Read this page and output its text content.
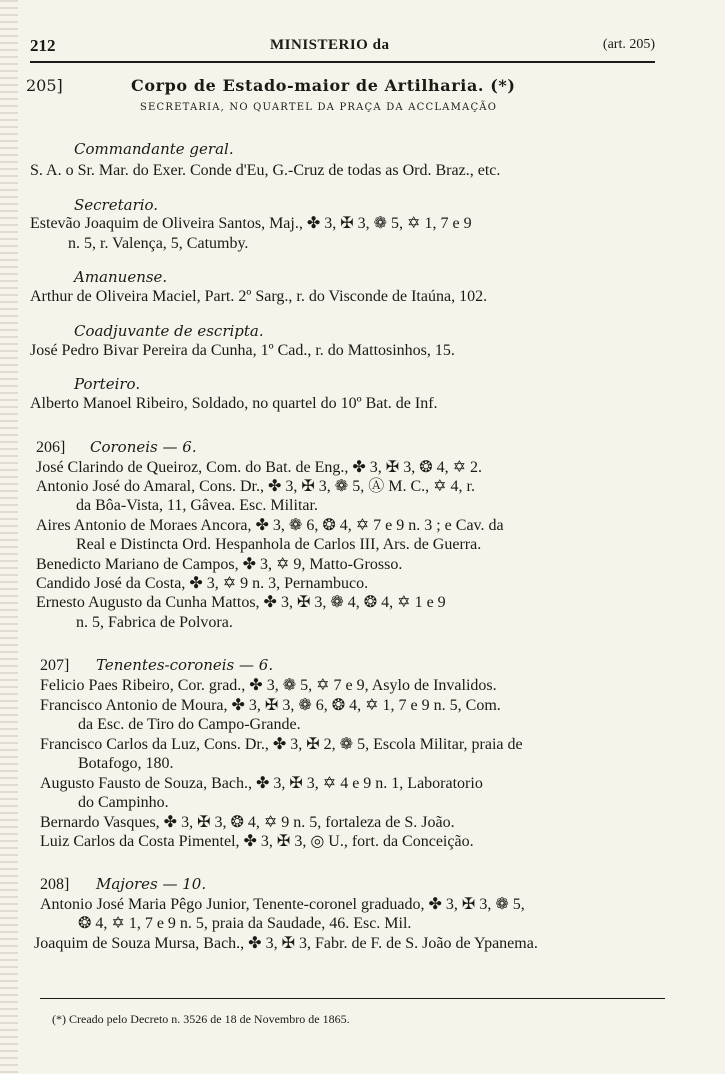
212	MINISTERIO da	(art. 205)
205]	Corpo de Estado-maior de Artilharia. (*)
SECRETARIA, NO QUARTEL DA PRAÇA DA ACCLAMAÇÃO
Commandante geral.
S. A. o Sr. Mar. do Exer. Conde d'Eu, G.-Cruz de todas as Ord. Braz., etc.
Secretario.
Estevão Joaquim de Oliveira Santos, Maj., ✤ 3, ✠ 3, ❁ 5, ✡ 1, 7 e 9
n. 5, r. Valença, 5, Catumby.
Amanuense.
Arthur de Oliveira Maciel, Part. 2º Sarg., r. do Visconde de Itaúna, 102.
Coadjuvante de escripta.
José Pedro Bivar Pereira da Cunha, 1º Cad., r. do Mattosinhos, 15.
Porteiro.
Alberto Manoel Ribeiro, Soldado, no quartel do 10º Bat. de Inf.
206] Coroneis — 6.
José Clarindo de Queiroz, Com. do Bat. de Eng., ✤ 3, ✠ 3, ❂ 4, ✡ 2.
Antonio José do Amaral, Cons. Dr., ✤ 3, ✠ 3, ❁ 5, Ⓐ M. C., ✡ 4, r.
da Bôa-Vista, 11, Gâvea. Esc. Militar.
Aires Antonio de Moraes Ancora, ✤ 3, ❁ 6, ❂ 4, ✡ 7 e 9 n. 3 ; e Cav. da
Real e Distincta Ord. Hespanhola de Carlos III, Ars. de Guerra.
Benedicto Mariano de Campos, ✤ 3, ✡ 9, Matto-Grosso.
Candido José da Costa, ✤ 3, ✡ 9 n. 3, Pernambuco.
Ernesto Augusto da Cunha Mattos, ✤ 3, ✠ 3, ❁ 4, ❂ 4, ✡ 1 e 9
n. 5, Fabrica de Polvora.
207] Tenentes-coroneis — 6.
Felicio Paes Ribeiro, Cor. grad., ✤ 3, ❁ 5, ✡ 7 e 9, Asylo de Invalidos.
Francisco Antonio de Moura, ✤ 3, ✠ 3, ❁ 6, ❂ 4, ✡ 1, 7 e 9 n. 5, Com.
da Esc. de Tiro do Campo-Grande.
Francisco Carlos da Luz, Cons. Dr., ✤ 3, ✠ 2, ❁ 5, Escola Militar, praia de
Botafogo, 180.
Augusto Fausto de Souza, Bach., ✤ 3, ✠ 3, ✡ 4 e 9 n. 1, Laboratorio
do Campinho.
Bernardo Vasques, ✤ 3, ✠ 3, ❂ 4, ✡ 9 n. 5, fortaleza de S. João.
Luiz Carlos da Costa Pimentel, ✤ 3, ✠ 3, ◎ U., fort. da Conceição.
208] Majores — 10.
Antonio José Maria Pêgo Junior, Tenente-coronel graduado, ✤ 3, ✠ 3, ❁ 5,
❂ 4, ✡ 1, 7 e 9 n. 5, praia da Saudade, 46. Esc. Mil.
Joaquim de Souza Mursa, Bach., ✤ 3, ✠ 3, Fabr. de F. de S. João de Ypanema.
(*) Creado pelo Decreto n. 3526 de 18 de Novembro de 1865.
